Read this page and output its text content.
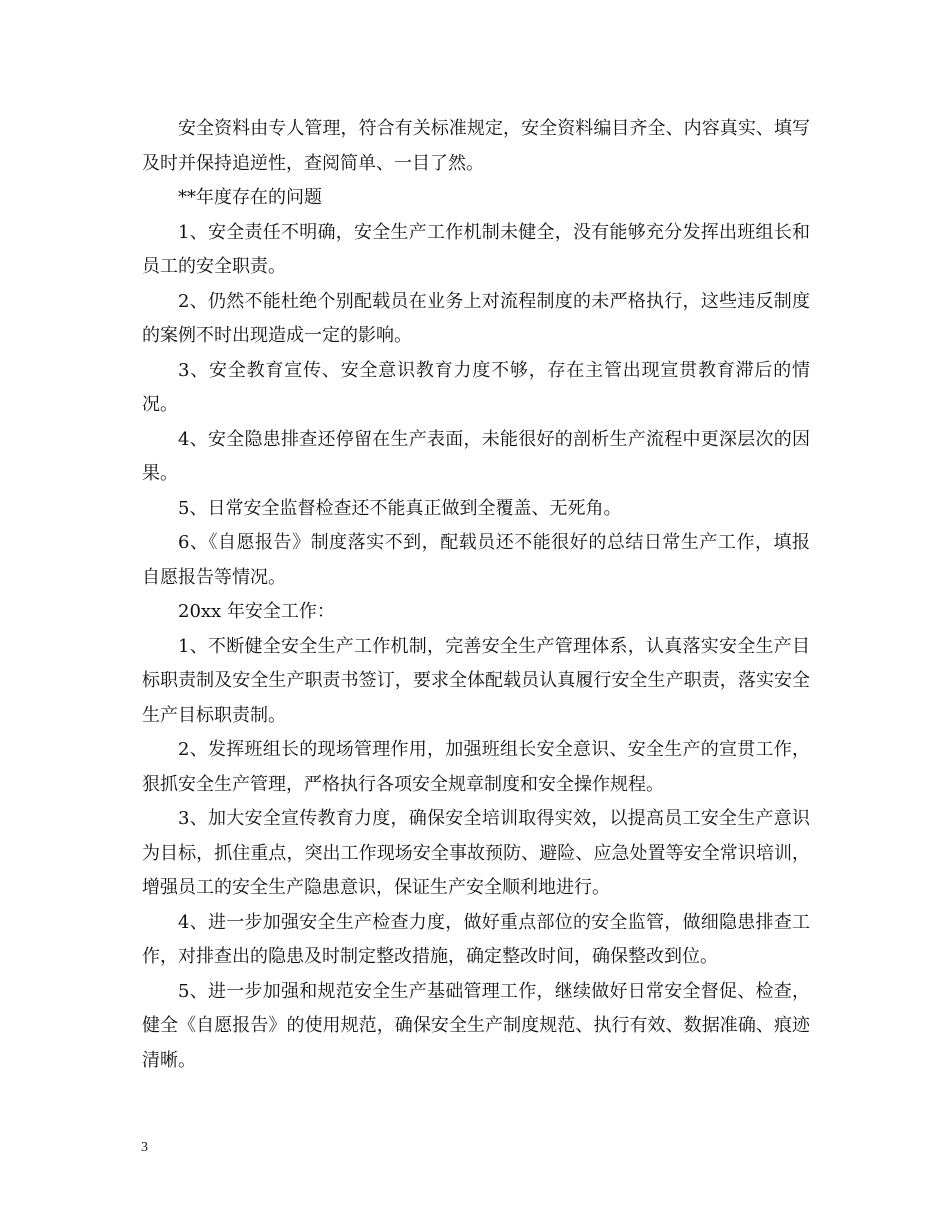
安全资料由专人管理，符合有关标准规定，安全资料编目齐全、内容真实、填写及时并保持追逆性，查阅简单、一目了然。

**年度存在的问题

1、安全责任不明确，安全生产工作机制未健全，没有能够充分发挥出班组长和员工的安全职责。

2、仍然不能杜绝个别配载员在业务上对流程制度的未严格执行，这些违反制度的案例不时出现造成一定的影响。

3、安全教育宣传、安全意识教育力度不够，存在主管出现宣贯教育滞后的情况。

4、安全隐患排查还停留在生产表面，未能很好的剖析生产流程中更深层次的因果。

5、日常安全监督检查还不能真正做到全覆盖、无死角。

6、《自愿报告》制度落实不到，配载员还不能很好的总结日常生产工作，填报自愿报告等情况。

20xx 年安全工作：

1、不断健全安全生产工作机制，完善安全生产管理体系，认真落实安全生产目标职责制及安全生产职责书签订，要求全体配载员认真履行安全生产职责，落实安全生产目标职责制。

2、发挥班组长的现场管理作用，加强班组长安全意识、安全生产的宣贯工作，狠抓安全生产管理，严格执行各项安全规章制度和安全操作规程。

3、加大安全宣传教育力度，确保安全培训取得实效，以提高员工安全生产意识为目标，抓住重点，突出工作现场安全事故预防、避险、应急处置等安全常识培训，增强员工的安全生产隐患意识，保证生产安全顺利地进行。

4、进一步加强安全生产检查力度，做好重点部位的安全监管，做细隐患排查工作，对排查出的隐患及时制定整改措施，确定整改时间，确保整改到位。

5、进一步加强和规范安全生产基础管理工作，继续做好日常安全督促、检查，健全《自愿报告》的使用规范，确保安全生产制度规范、执行有效、数据准确、痕迹清晰。

3
